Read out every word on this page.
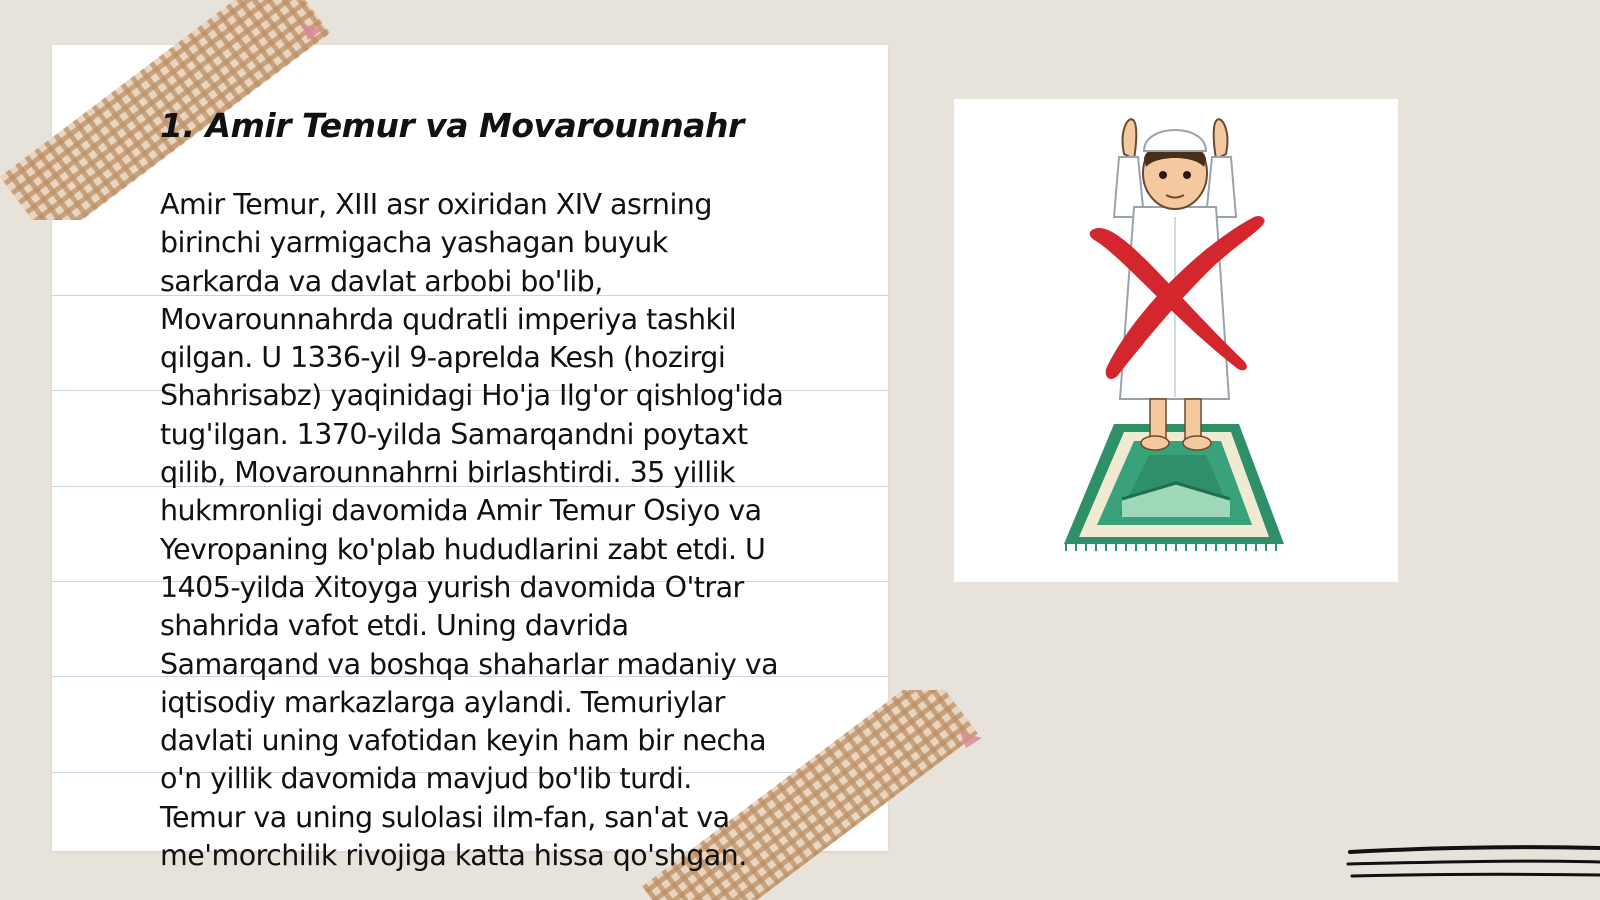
1. Amir Temur va Movarounnahr

Amir Temur, XIII asr oxiridan XIV asrning
birinchi yarmigacha yashagan buyuk
sarkarda va davlat arbobi bo'lib,
Movarounnahrda qudratli imperiya tashkil
qilgan. U 1336-yil 9-aprelda Kesh (hozirgi
Shahrisabz) yaqinidagi Ho'ja Ilg'or qishlog'ida
tug'ilgan. 1370-yilda Samarqandni poytaxt
qilib, Movarounnahrni birlashtirdi. 35 yillik
hukmronligi davomida Amir Temur Osiyo va
Yevropaning ko'plab hududlarini zabt etdi. U
1405-yilda Xitoyga yurish davomida O'trar
shahrida vafot etdi. Uning davrida
Samarqand va boshqa shaharlar madaniy va
iqtisodiy markazlarga aylandi. Temuriylar
davlati uning vafotidan keyin ham bir necha
o'n yillik davomida mavjud bo'lib turdi.
Temur va uning sulolasi ilm-fan, san'at va
me'morchilik rivojiga katta hissa qo'shgan.
